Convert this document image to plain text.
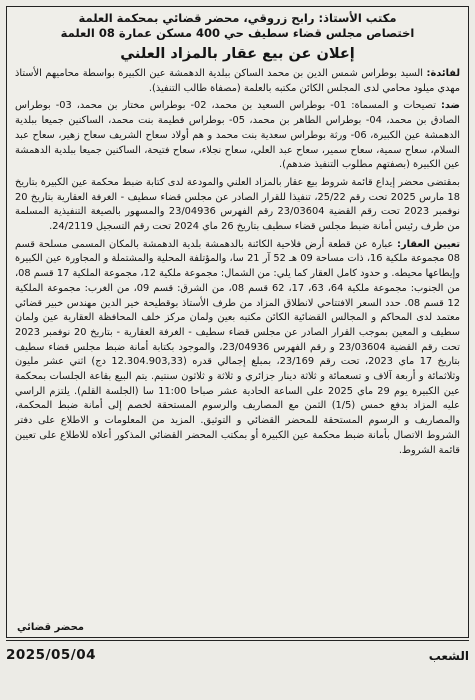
مكتب الأستاذ: رابح زروقي، محضر قضائي بمحكمة العلمة
اختصاص مجلس قضاء سطيف حي 400 مسكن عمارة 08 العلمة
إعلان عن بيع عقار بالمزاد العلني

لفائدة: السيد بوطراس شمس الدين بن محمد الساكن ببلدية الدهمشة عين الكبيرة بواسطة محاميهم الأستاذ مهدي ميلود محامي لدى المجلس الكائن مكتبه بالعلمة (مصفاة طالب التنفيذ).

ضد: تصيحات و المسماة: 01- بوطراس السعيد بن محمد، 02- بوطراس مختار بن محمد، 03- بوطراس الصادق بن محمد، 04- بوطراس الطاهر بن محمد، 05- بوطراس فطيمة بنت محمد، الساكنين جميعا ببلدية الدهمشة عين الكبيرة، 06- ورثة بوطراس سعدية بنت محمد و هم أولاد سعاح الشريف سعاح زهير، سعاح عبد السلام، سعاح سمية، سعاح سمير، سعاح عبد العلي، سعاح نجلاء، سعاح فتيحة، الساكنين جميعا ببلدية الدهمشة عين الكبيرة (بصفتهم مطلوب التنفيذ ضدهم).

بمقتضى محضر إيداع قائمة شروط بيع عقار بالمزاد العلني والمودعة لدى كتابة ضبط محكمة عين الكبيرة بتاريخ 18 مارس 2025 تحت رقم 25/22، تنفيذا للقرار الصادر عن مجلس قضاء سطيف - الغرفة العقارية بتاريخ 20 نوفمبر 2023 تحت رقم القضية 23/03604 رقم الفهرس 23/04936 والمسهور بالصيغة التنفيذية المسلمة من طرف رئيس أمانة ضبط مجلس قضاء سطيف بتاريخ 26 ماي 2024 تحت رقم التسجيل 24/2119.

تعيين العقار: عبارة عن قطعة أرض فلاحية الكائنة بالدهمشة بلدية الدهمشة بالمكان المسمى مسلحة قسم 08 مجموعة ملكية 16، ذات مساحة 09 هـ 52 آر 21 سا، والمؤتلفة المحلية والمشتملة و المجاورة عين الكبيرة وإيطاعها محيطه. و حدود كامل العقار كما يلي: من الشمال: مجموعة ملكية 12، مجموعة الملكية 17 قسم 08، من الجنوب: مجموعة ملكية 64، 63، 17، 62 قسم 08، من الشرق: قسم 09، من الغرب: مجموعة الملكية 12 قسم 08. حدد السعر الافتتاحي لانطلاق المزاد من طرف الأستاذ بوقطيحة خير الدين مهندس خبير قضائي معتمد لدى المحاكم و المجالس القضائية الكائن مكتبه بعين ولمان مركز خلف المحافظة العقارية عين ولمان سطيف و المعين بموجب القرار الصادر عن مجلس قضاء سطيف - الغرفة العقارية - بتاريخ 20 نوفمبر 2023 تحت رقم القضية 23/03604 و رقم الفهرس 23/04936، والموجود بكتابة أمانة ضبط مجلس قضاء سطيف بتاريخ 17 ماي 2023، تحت رقم 23/169، بمبلغ إجمالي قدره (12.304.903,33 دج) اثني عشر مليون وثلاثمائة و أربعة آلاف و تسعمائة و ثلاثة دينار جزائري و ثلاثة و ثلاثون سنتيم. يتم البيع بقاعة الجلسات بمحكمة عين الكبيرة يوم 29 ماي 2025 على الساعة الحادية عشر صباحا 11:00 سا (الجلسة القلم). يلتزم الراسي عليه المزاد بدفع خمس (1/5) الثمن مع المصاريف والرسوم المستحقة لخصم إلى أمانة ضبط المحكمة، والمصاريف و الرسوم المستحقة للمحضر القضائي و التوثيق. المزيد من المعلومات و الاطلاع على دفتر الشروط الاتصال بأمانة ضبط محكمة عين الكبيرة أو بمكتب المحضر القضائي المذكور أعلاه للاطلاع على تعيين قائمة الشروط.

محضر قضائي
الشعب
2025/05/04
